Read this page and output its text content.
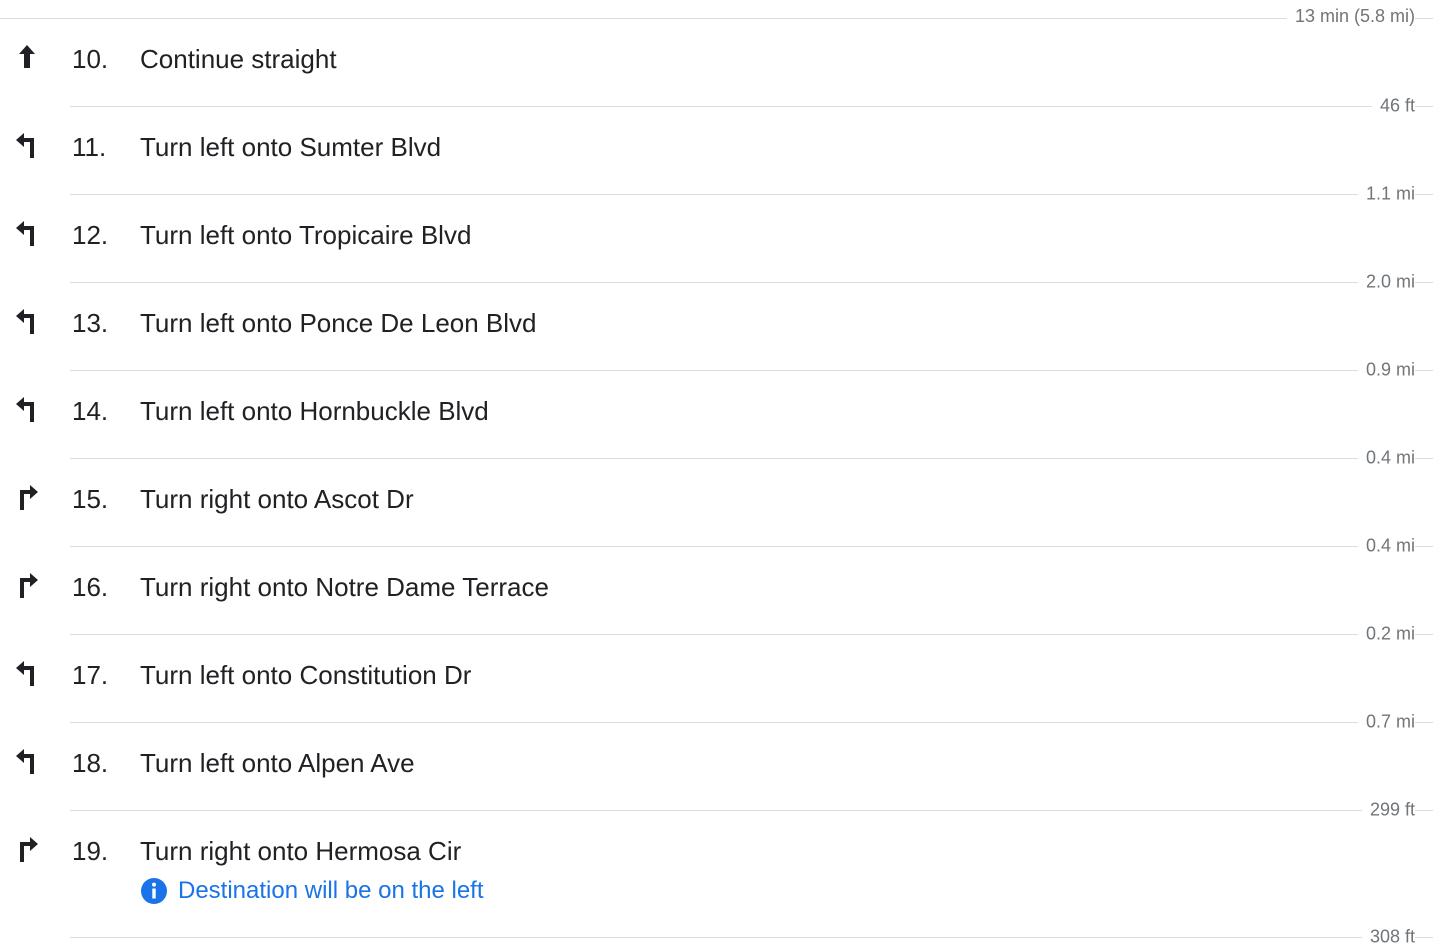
13 min (5.8 mi)
10. Continue straight
46 ft
11. Turn left onto Sumter Blvd
1.1 mi
12. Turn left onto Tropicaire Blvd
2.0 mi
13. Turn left onto Ponce De Leon Blvd
0.9 mi
14. Turn left onto Hornbuckle Blvd
0.4 mi
15. Turn right onto Ascot Dr
0.4 mi
16. Turn right onto Notre Dame Terrace
0.2 mi
17. Turn left onto Constitution Dr
0.7 mi
18. Turn left onto Alpen Ave
299 ft
19. Turn right onto Hermosa Cir
Destination will be on the left
308 ft
